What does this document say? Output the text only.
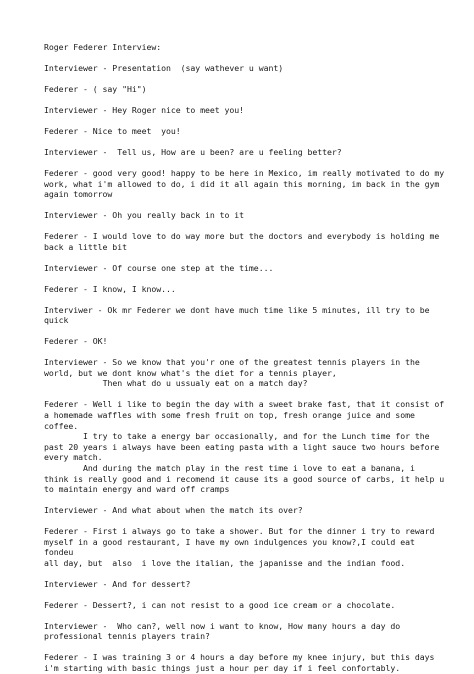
Roger Federer Interview:

Interviewer - Presentation  (say wathever u want)

Federer - ( say "Hi")

Interviewer - Hey Roger nice to meet you!

Federer - Nice to meet  you!

Interviewer -  Tell us, How are u been? are u feeling better?

Federer - good very good! happy to be here in Mexico, im really motivated to do my
work, what i'm allowed to do, i did it all again this morning, im back in the gym
again tomorrow

Interviewer - Oh you really back in to it

Federer - I would love to do way more but the doctors and everybody is holding me
back a little bit

Interviewer - Of course one step at the time...

Federer - I know, I know...

Interviwer - Ok mr Federer we dont have much time like 5 minutes, ill try to be
quick

Federer - OK!

Interviewer - So we know that you'r one of the greatest tennis players in the
world, but we dont know what's the diet for a tennis player,
Then what do u ussualy eat on a match day?

Federer - Well i like to begin the day with a sweet brake fast, that it consist of
a homemade waffles with some fresh fruit on top, fresh orange juice and some
coffee.
I try to take a energy bar occasionally, and for the Lunch time for the
past 20 years i always have been eating pasta with a light sauce two hours before
every match.
And during the match play in the rest time i love to eat a banana, i
think is really good and i recomend it cause its a good source of carbs, it help u
to maintain energy and ward off cramps

Interviewer - And what about when the match its over?

Federer - First i always go to take a shower. But for the dinner i try to reward
myself in a good restaurant, I have my own indulgences you know?,I could eat fondeu
all day, but  also  i love the italian, the japanisse and the indian food.

Interviewer - And for dessert?

Federer - Dessert?, i can not resist to a good ice cream or a chocolate.

Interviewer -  Who can?, well now i want to know, How many hours a day do
professional tennis players train?

Federer - I was training 3 or 4 hours a day before my knee injury, but this days
i'm starting with basic things just a hour per day if i feel confortably.
